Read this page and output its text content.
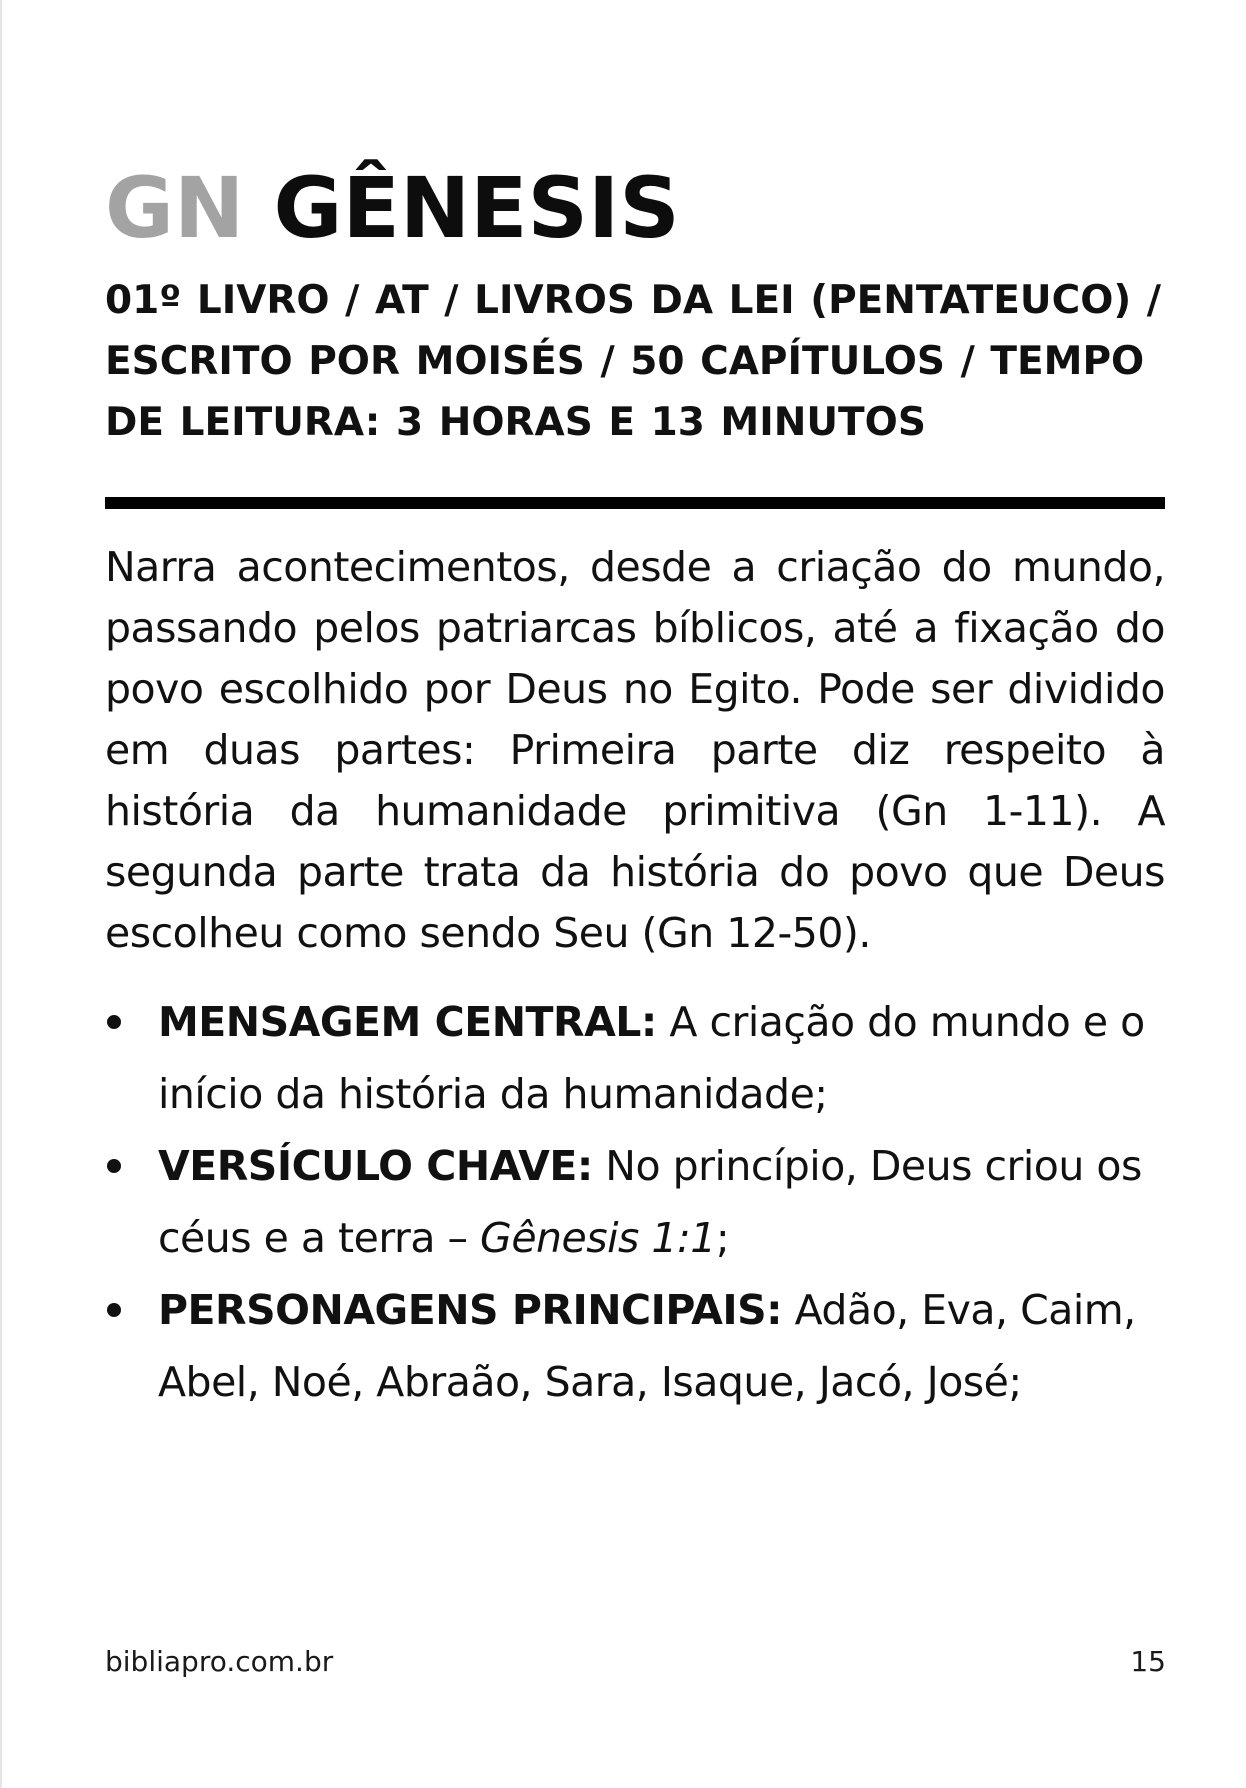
GN GÊNESIS

01º LIVRO / AT / LIVROS DA LEI (PENTATEUCO) / ESCRITO POR MOISÉS / 50 CAPÍTULOS / TEMPO DE LEITURA: 3 HORAS E 13 MINUTOS

Narra acontecimentos, desde a criação do mundo, passando pelos patriarcas bíblicos, até a fixação do povo escolhido por Deus no Egito. Pode ser dividido em duas partes: Primeira parte diz respeito à história da humanidade primitiva (Gn 1-11). A segunda parte trata da história do povo que Deus escolheu como sendo Seu (Gn 12-50).

MENSAGEM CENTRAL: A criação do mundo e o início da história da humanidade;
VERSÍCULO CHAVE: No princípio, Deus criou os céus e a terra – Gênesis 1:1;
PERSONAGENS PRINCIPAIS: Adão, Eva, Caim, Abel, Noé, Abraão, Sara, Isaque, Jacó, José;
bibliapro.com.br	15
